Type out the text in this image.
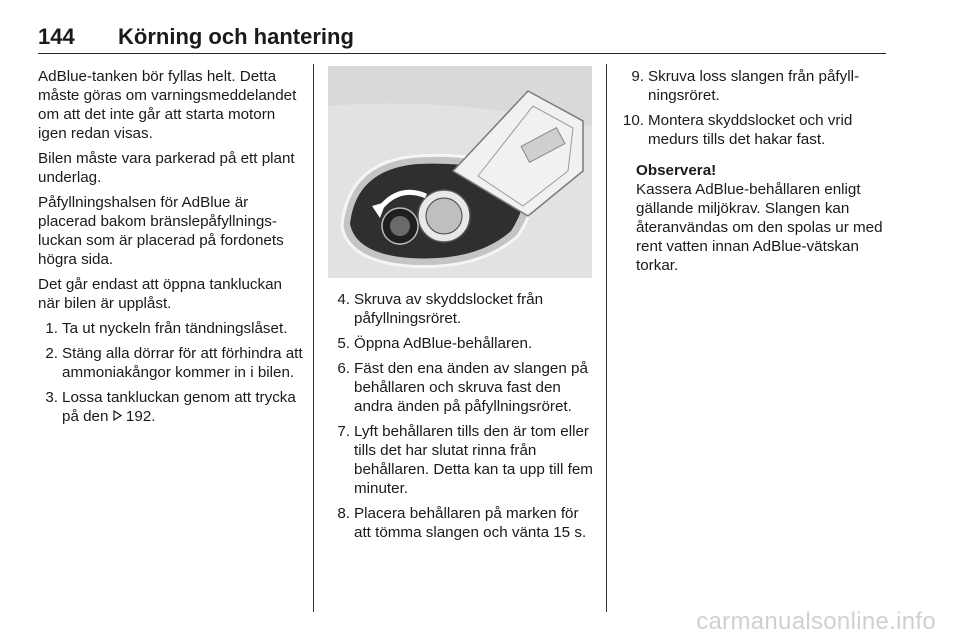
144 Körning och hantering

AdBlue-tanken bör fyllas helt. Detta måste göras om varningsmeddelandet om att det inte går att starta motorn igen redan visas.

Bilen måste vara parkerad på ett plant underlag.

Påfyllningshalsen för AdBlue är placerad bakom bränslepåfyllningsluckan som är placerad på fordonets högra sida.

Det går endast att öppna tankluckan när bilen är upplåst.

1. Ta ut nyckeln från tändningslåset.
2. Stäng alla dörrar för att förhindra att ammoniakångor kommer in i bilen.
3. Lossa tankluckan genom att trycka på den 192.
4. Skruva av skyddslocket från påfyllningsröret.
5. Öppna AdBlue-behållaren.
6. Fäst den ena änden av slangen på behållaren och skruva fast den andra änden på påfyllningsröret.
7. Lyft behållaren tills den är tom eller tills det har slutat rinna från behållaren. Detta kan ta upp till fem minuter.
8. Placera behållaren på marken för att tömma slangen och vänta 15 s.
9. Skruva loss slangen från påfyllningsröret.
10. Montera skyddslocket och vrid medurs tills det hakar fast.
Observera!
Kassera AdBlue-behållaren enligt gällande miljökrav. Slangen kan återanvändas om den spolas ur med rent vatten innan AdBlue-vätskan torkar.
carmanualsonline.info
